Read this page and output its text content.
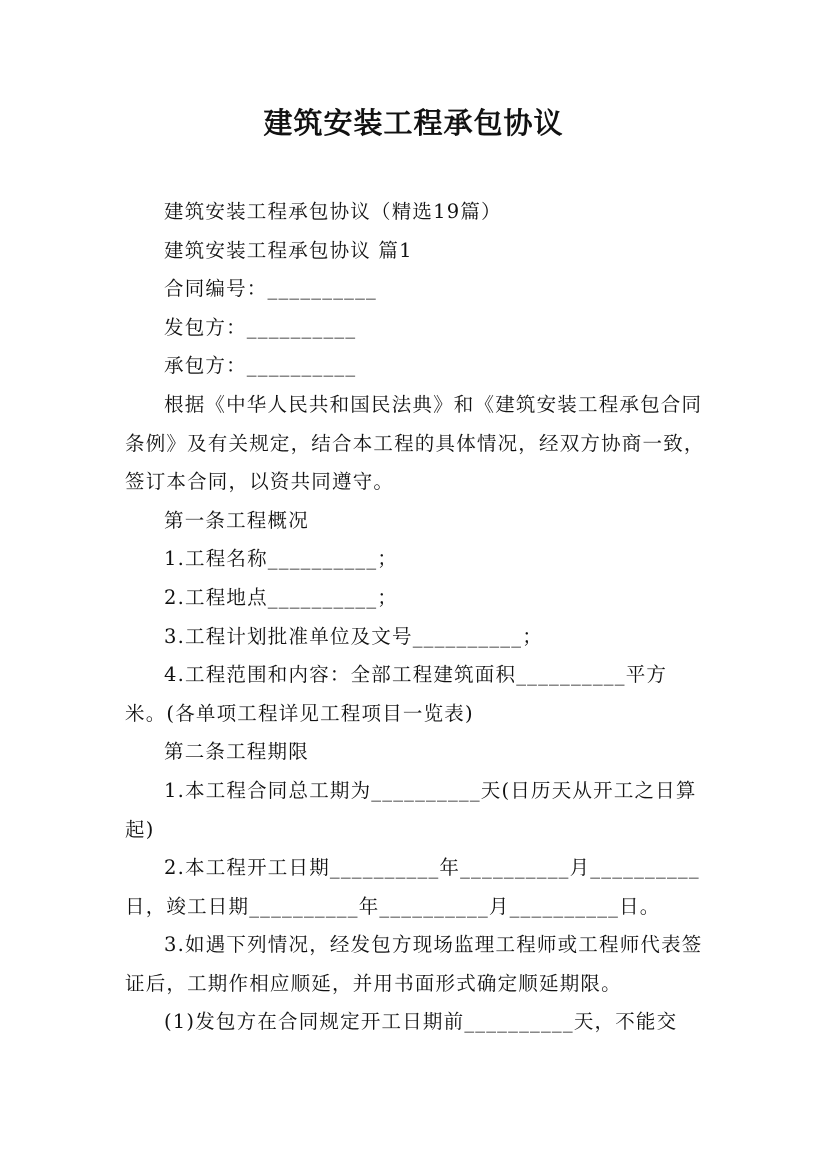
建筑安装工程承包协议

建筑安装工程承包协议（精选19篇）

建筑安装工程承包协议 篇1

合同编号：__________

发包方：__________

承包方：__________

根据《中华人民共和国民法典》和《建筑安装工程承包合同条例》及有关规定，结合本工程的具体情况，经双方协商一致，签订本合同，以资共同遵守。

第一条工程概况

1.工程名称__________；

2.工程地点__________；

3.工程计划批准单位及文号__________；

4.工程范围和内容：全部工程建筑面积__________平方米。(各单项工程详见工程项目一览表)

第二条工程期限

1.本工程合同总工期为__________天(日历天从开工之日算起)

2.本工程开工日期__________年__________月__________日，竣工日期__________年__________月__________日。

3.如遇下列情况，经发包方现场监理工程师或工程师代表签证后，工期作相应顺延，并用书面形式确定顺延期限。

(1)发包方在合同规定开工日期前__________天，不能交
